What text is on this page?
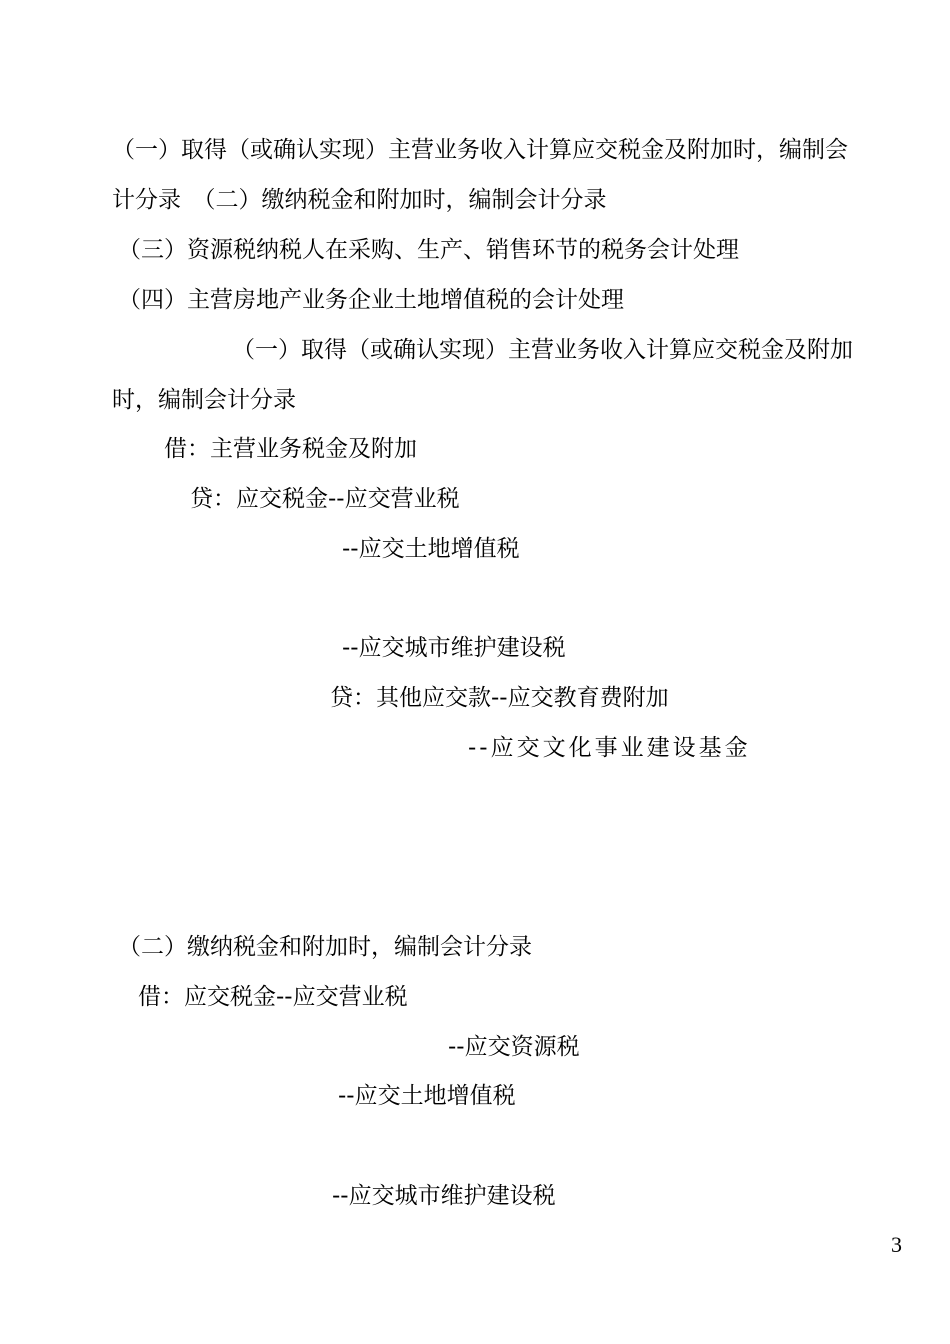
（一）取得（或确认实现）主营业务收入计算应交税金及附加时，编制会

计分录　（二）缴纳税金和附加时，编制会计分录

（三）资源税纳税人在采购、生产、销售环节的税务会计处理

（四）主营房地产业务企业土地增值税的会计处理

（一）取得（或确认实现）主营业务收入计算应交税金及附加

时，编制会计分录

借：主营业务税金及附加

贷：应交税金--应交营业税

--应交土地增值税

--应交城市维护建设税

贷：其他应交款--应交教育费附加

--应交文化事业建设基金

（二）缴纳税金和附加时，编制会计分录

借：应交税金--应交营业税

--应交资源税

--应交土地增值税

--应交城市维护建设税

3
